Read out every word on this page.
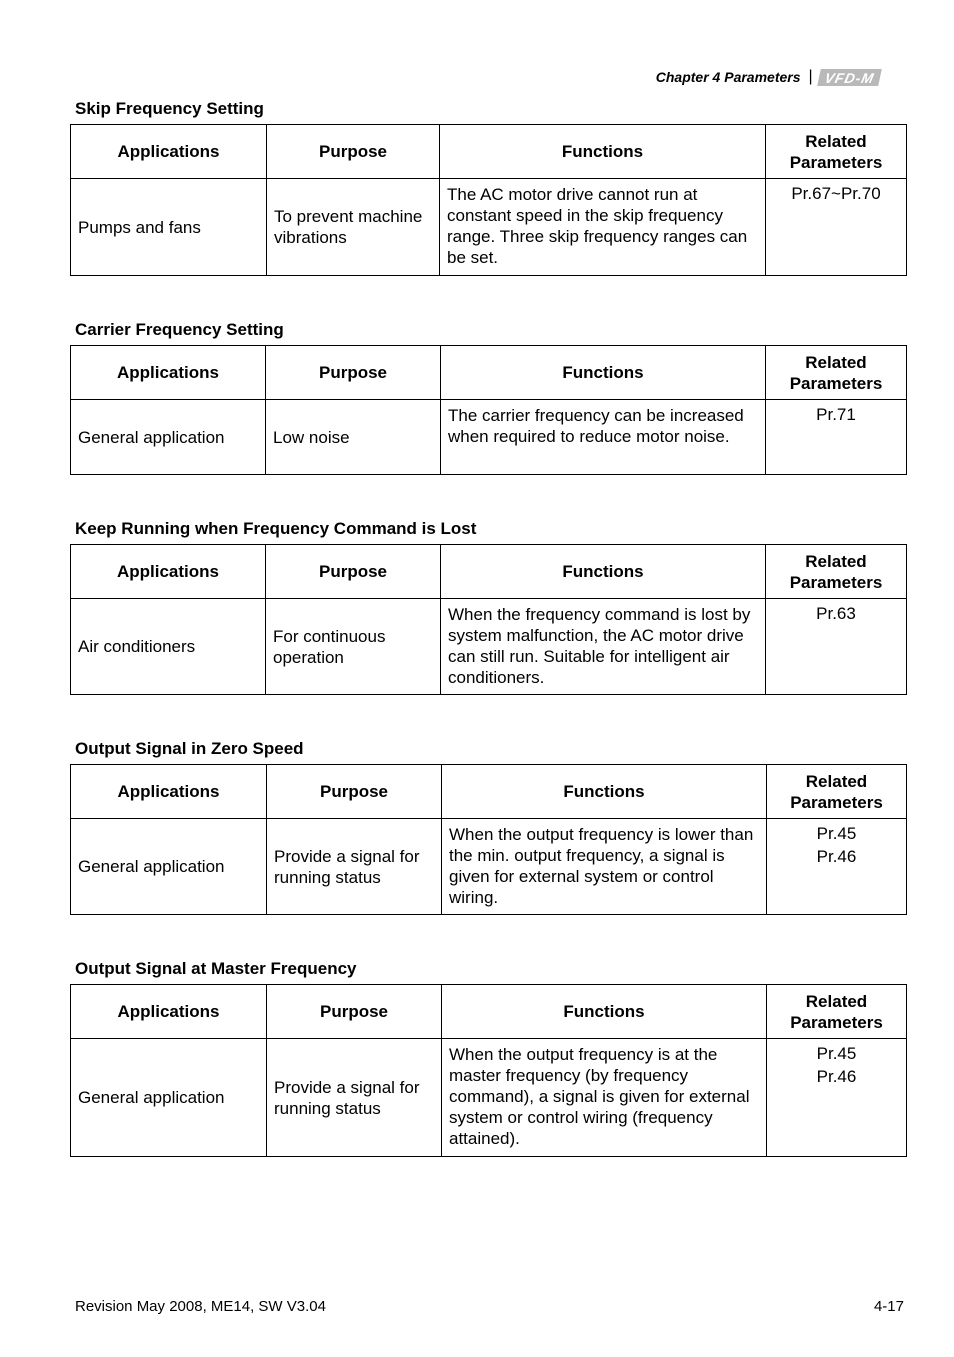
Chapter 4 Parameters | VFD-M
Skip Frequency Setting
Applications	Purpose	Functions	Related
Parameters
Pumps and fans	To prevent machine vibrations	The AC motor drive cannot run at constant speed in the skip frequency range. Three skip frequency ranges can be set.	Pr.67~Pr.70
Carrier Frequency Setting
Applications	Purpose	Functions	Related
Parameters
General application	Low noise	The carrier frequency can be increased when required to reduce motor noise.	Pr.71
Keep Running when Frequency Command is Lost
Applications	Purpose	Functions	Related
Parameters
Air conditioners	For continuous operation	When the frequency command is lost by system malfunction, the AC motor drive can still run. Suitable for intelligent air conditioners.	Pr.63
Output Signal in Zero Speed
Applications	Purpose	Functions	Related
Parameters
General application	Provide a signal for running status	When the output frequency is lower than the min. output frequency, a signal is given for external system or control wiring.	Pr.45
Pr.46
Output Signal at Master Frequency
Applications	Purpose	Functions	Related
Parameters
General application	Provide a signal for running status	When the output frequency is at the master frequency (by frequency command), a signal is given for external system or control wiring (frequency attained).	Pr.45
Pr.46
Revision May 2008, ME14, SW V3.04	4-17
